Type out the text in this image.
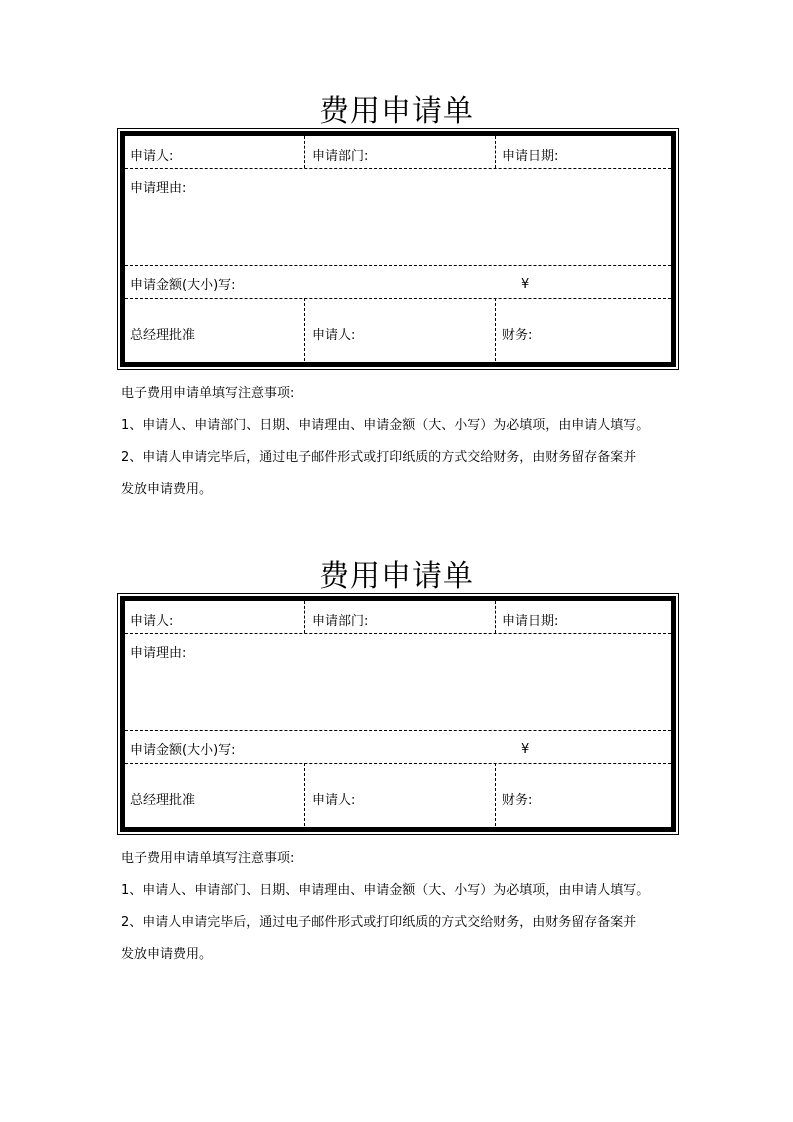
费用申请单
申请人:	申请部门:	申请日期:
申请理由:
申请金额(大小)写:	¥
总经理批准	申请人:	财务:
电子费用申请单填写注意事项:
1、申请人、申请部门、日期、申请理由、申请金额（大、小写）为必填项，由申请人填写。
2、申请人申请完毕后，通过电子邮件形式或打印纸质的方式交给财务，由财务留存备案并
发放申请费用。
费用申请单
申请人:	申请部门:	申请日期:
申请理由:
申请金额(大小)写:	¥
总经理批准	申请人:	财务:
电子费用申请单填写注意事项:
1、申请人、申请部门、日期、申请理由、申请金额（大、小写）为必填项，由申请人填写。
2、申请人申请完毕后，通过电子邮件形式或打印纸质的方式交给财务，由财务留存备案并
发放申请费用。
